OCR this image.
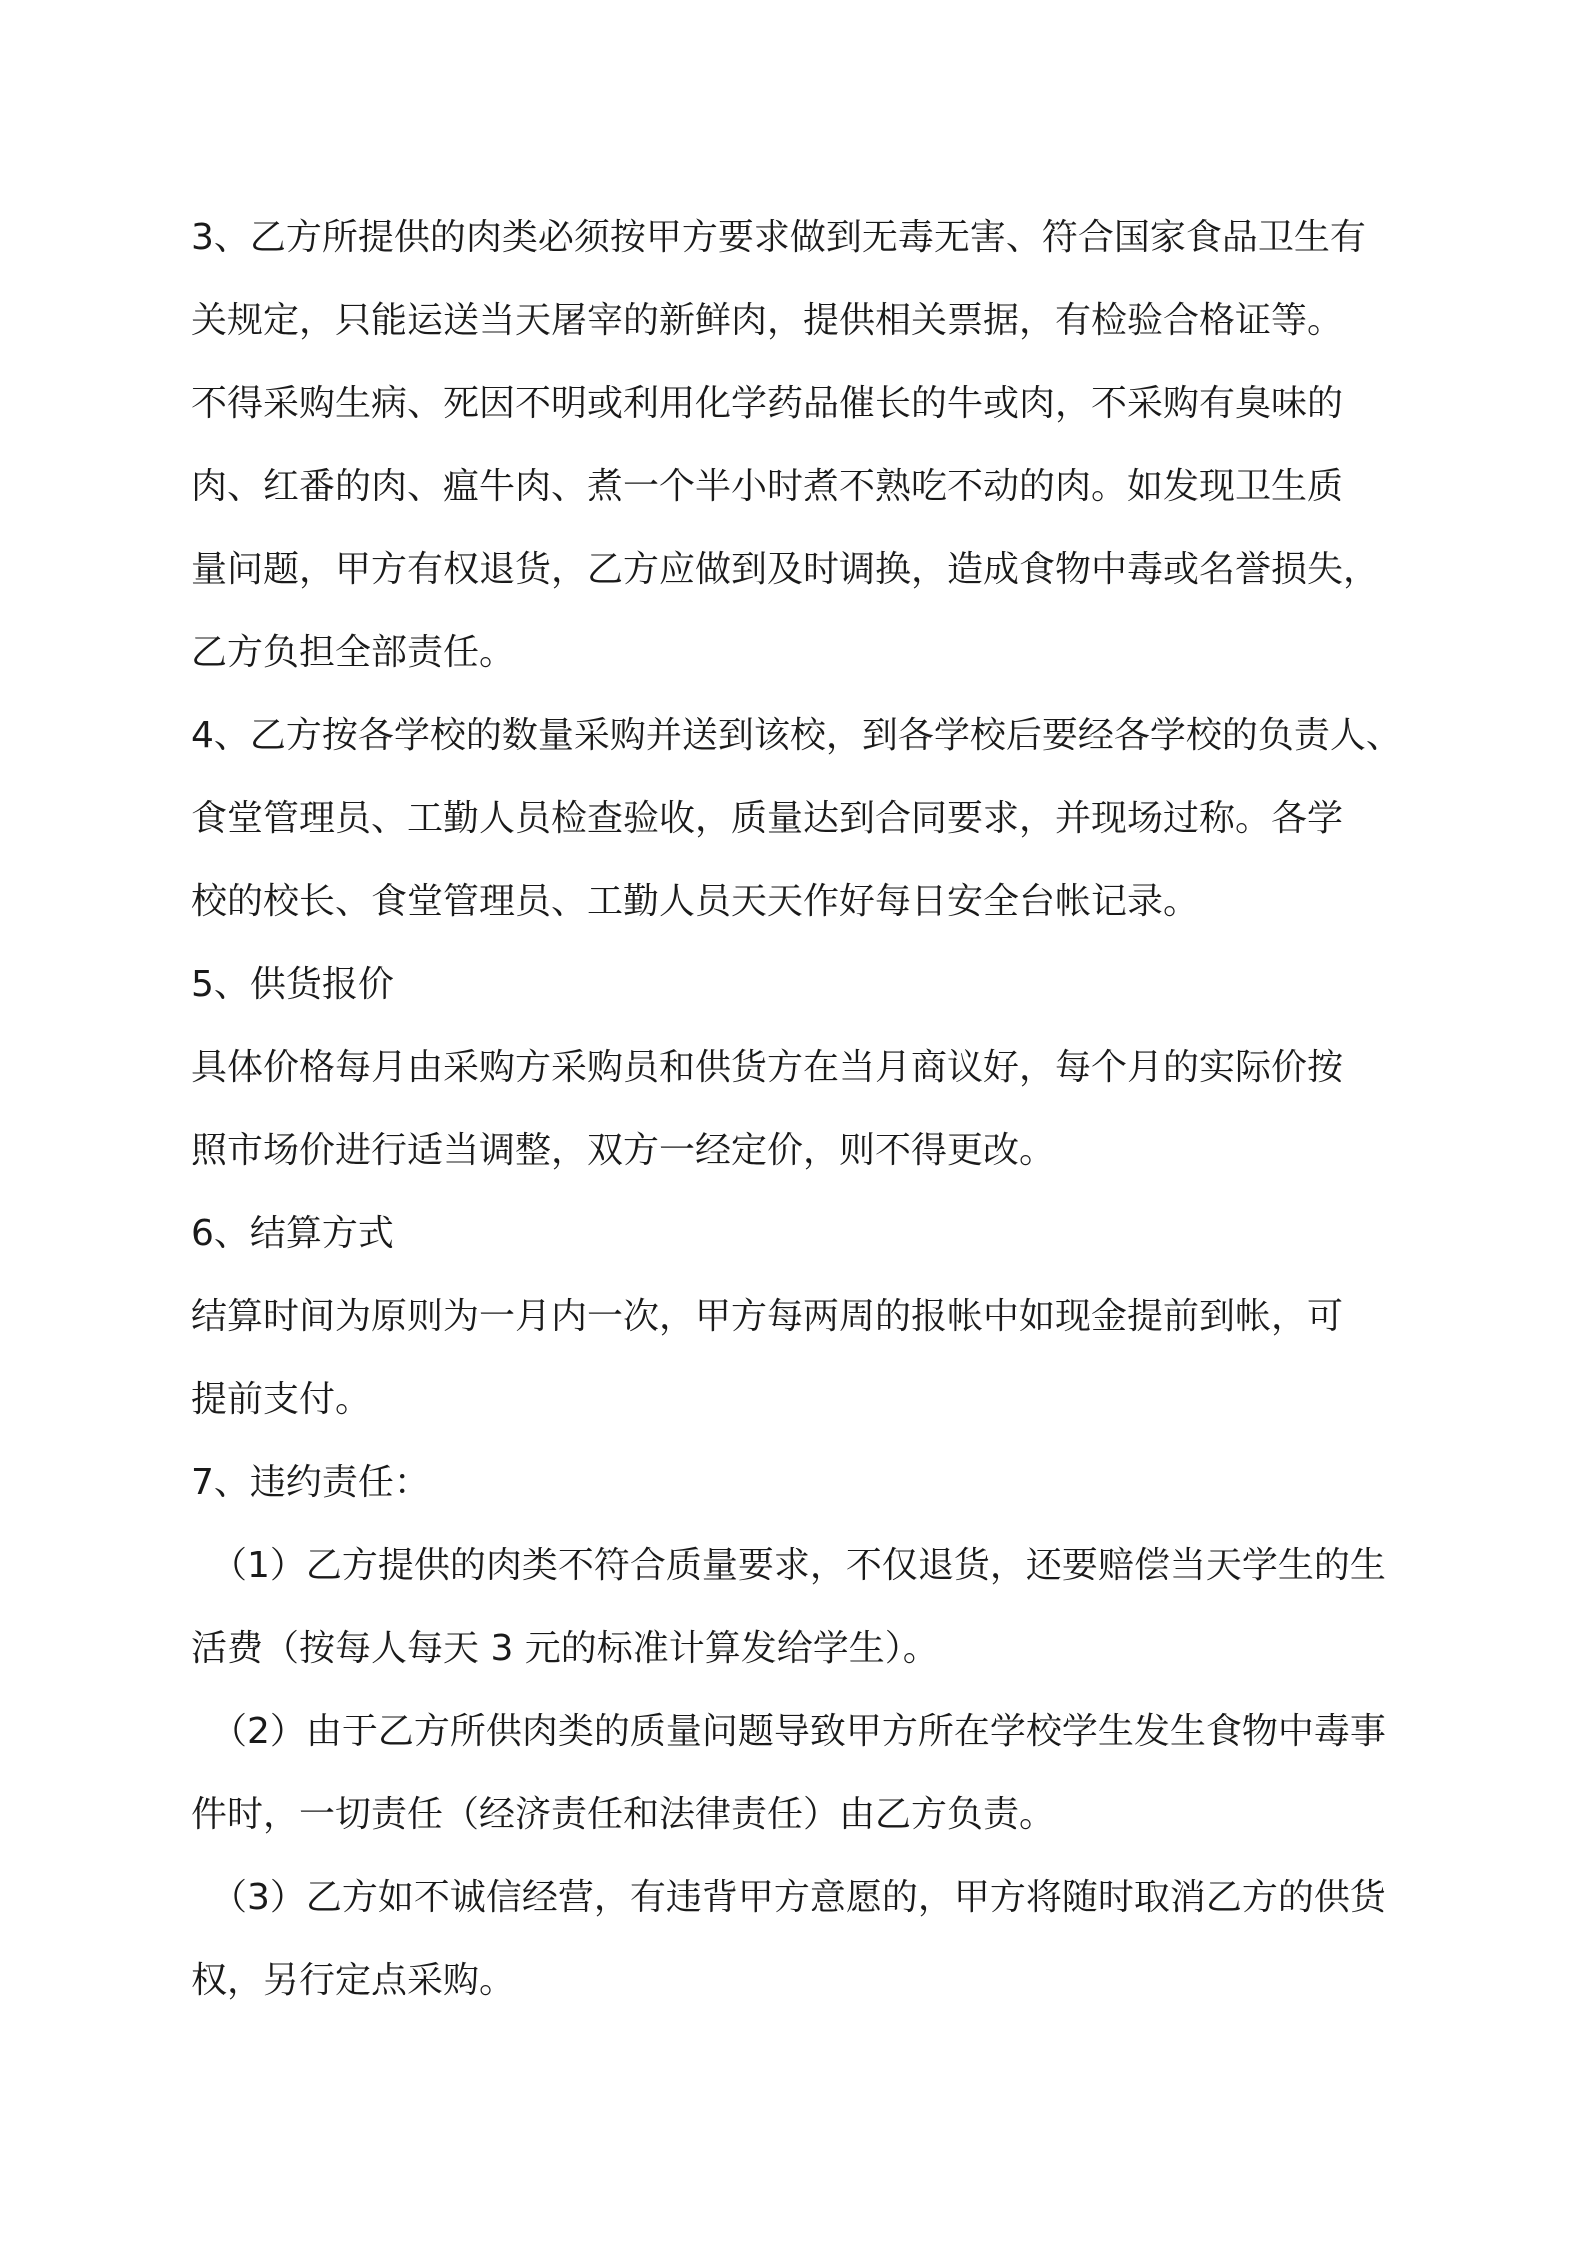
3、乙方所提供的肉类必须按甲方要求做到无毒无害、符合国家食品卫生有
关规定，只能运送当天屠宰的新鲜肉，提供相关票据，有检验合格证等。
不得采购生病、死因不明或利用化学药品催长的牛或肉，不采购有臭味的
肉、红番的肉、瘟牛肉、煮一个半小时煮不熟吃不动的肉。如发现卫生质
量问题，甲方有权退货，乙方应做到及时调换，造成食物中毒或名誉损失，
乙方负担全部责任。
4、乙方按各学校的数量采购并送到该校，到各学校后要经各学校的负责人、
食堂管理员、工勤人员检查验收，质量达到合同要求，并现场过称。各学
校的校长、食堂管理员、工勤人员天天作好每日安全台帐记录。
5、供货报价
具体价格每月由采购方采购员和供货方在当月商议好，每个月的实际价按
照市场价进行适当调整，双方一经定价，则不得更改。
6、结算方式
结算时间为原则为一月内一次，甲方每两周的报帐中如现金提前到帐，可
提前支付。
7、违约责任：
（1）乙方提供的肉类不符合质量要求，不仅退货，还要赔偿当天学生的生
活费（按每人每天 3 元的标准计算发给学生）。
（2）由于乙方所供肉类的质量问题导致甲方所在学校学生发生食物中毒事
件时，一切责任（经济责任和法律责任）由乙方负责。
（3）乙方如不诚信经营，有违背甲方意愿的，甲方将随时取消乙方的供货
权，另行定点采购。
